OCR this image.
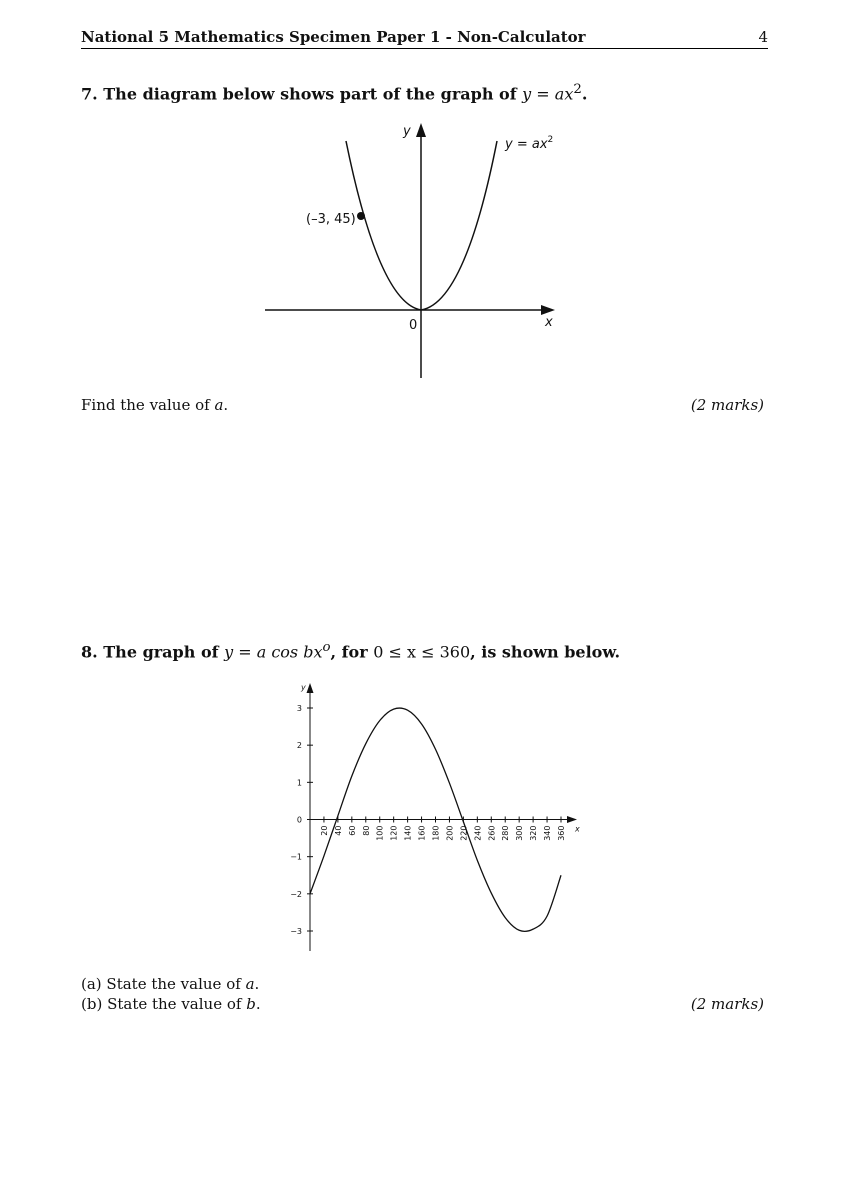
National 5 Mathematics Specimen Paper 1 - Non-Calculator	4
7. The diagram below shows part of the graph of $y = ax^2$.
y
x
0
(–3, 45)
$y = ax^2$
Find the value of a.	(2 marks)
8. The graph of y = a $\cos bx^o$, for 0 ≤ x ≤ 360, is shown below.
y
x
3
2
1
0
−1
−2
−3
20 40 60 80 100 120 140 160 180 200 220 240 260 280 300 320 340 360
(a) State the value of a.
(b) State the value of b.	(2 marks)
